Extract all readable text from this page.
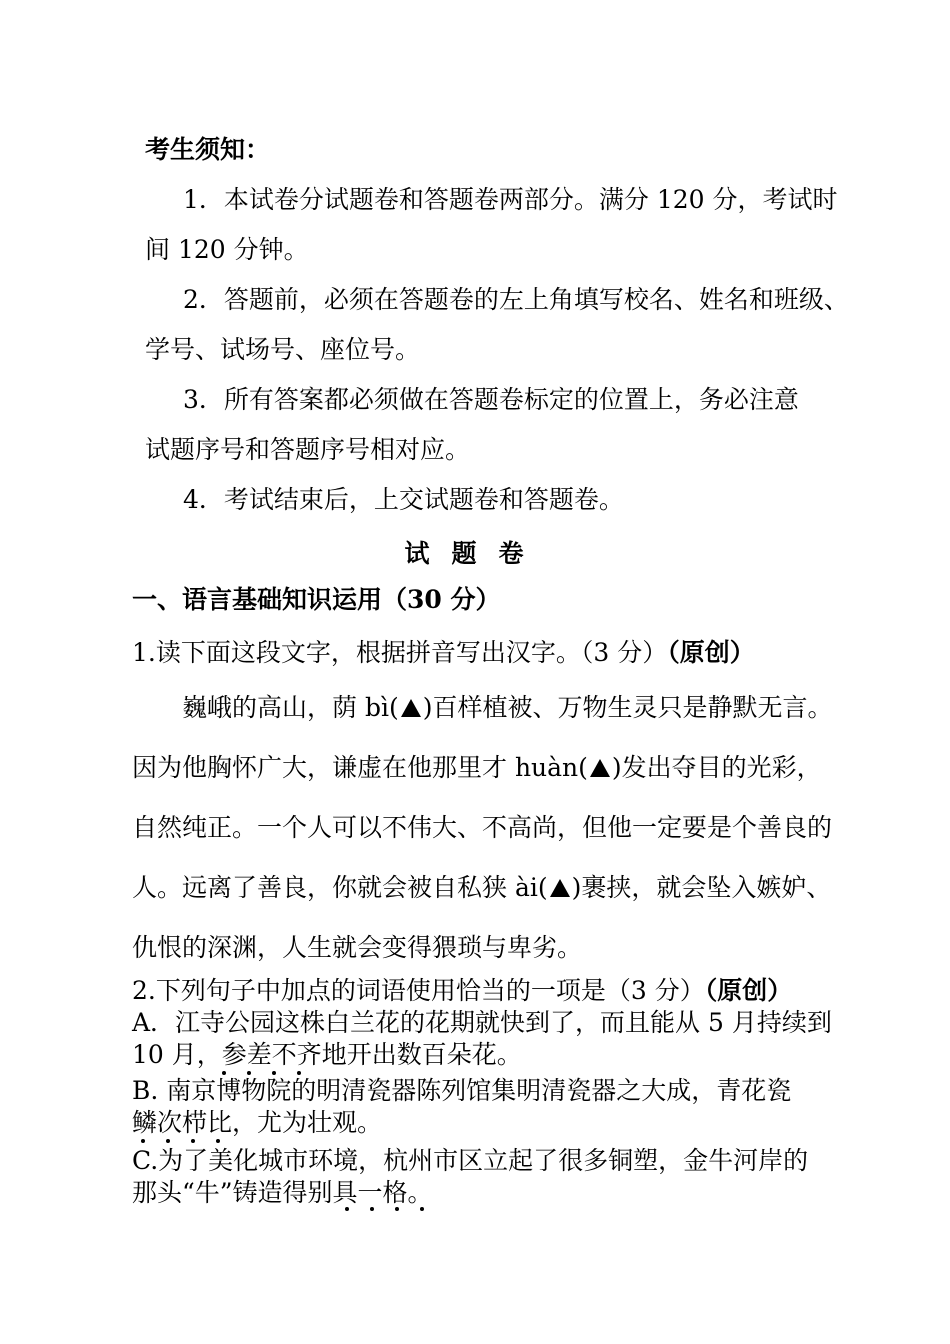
考生须知：
1．本试卷分试题卷和答题卷两部分。满分 120 分，考试时
间 120 分钟。
2．答题前，必须在答题卷的左上角填写校名、姓名和班级、
学号、试场号、座位号。
3．所有答案都必须做在答题卷标定的位置上，务必注意
试题序号和答题序号相对应。
4．考试结束后，上交试题卷和答题卷。
试题卷
一、语言基础知识运用（30 分）
1.读下面这段文字，根据拼音写出汉字。（3 分）（原创）
巍峨的高山，荫 bì( )百样植被、万物生灵只是静默无言。
因为他胸怀广大，谦虚在他那里才 huàn( )发出夺目的光彩，
自然纯正。一个人可以不伟大、不高尚，但他一定要是个善良的
人。远离了善良，你就会被自私狭 ài( )裹挟，就会坠入嫉妒、
仇恨的深渊，人生就会变得猥琐与卑劣。
2.下列句子中加点的词语使用恰当的一项是（3 分）（原创）
A．江寺公园这株白兰花的花期就快到了，而且能从 5 月持续到
10 月，参差不齐地开出数百朵花。
B. 南京博物院的明清瓷器陈列馆集明清瓷器之大成，青花瓷
鳞次栉比，尤为壮观。
C.为了美化城市环境，杭州市区立起了很多铜塑，金牛河岸的
那头“牛”铸造得别具一格。
